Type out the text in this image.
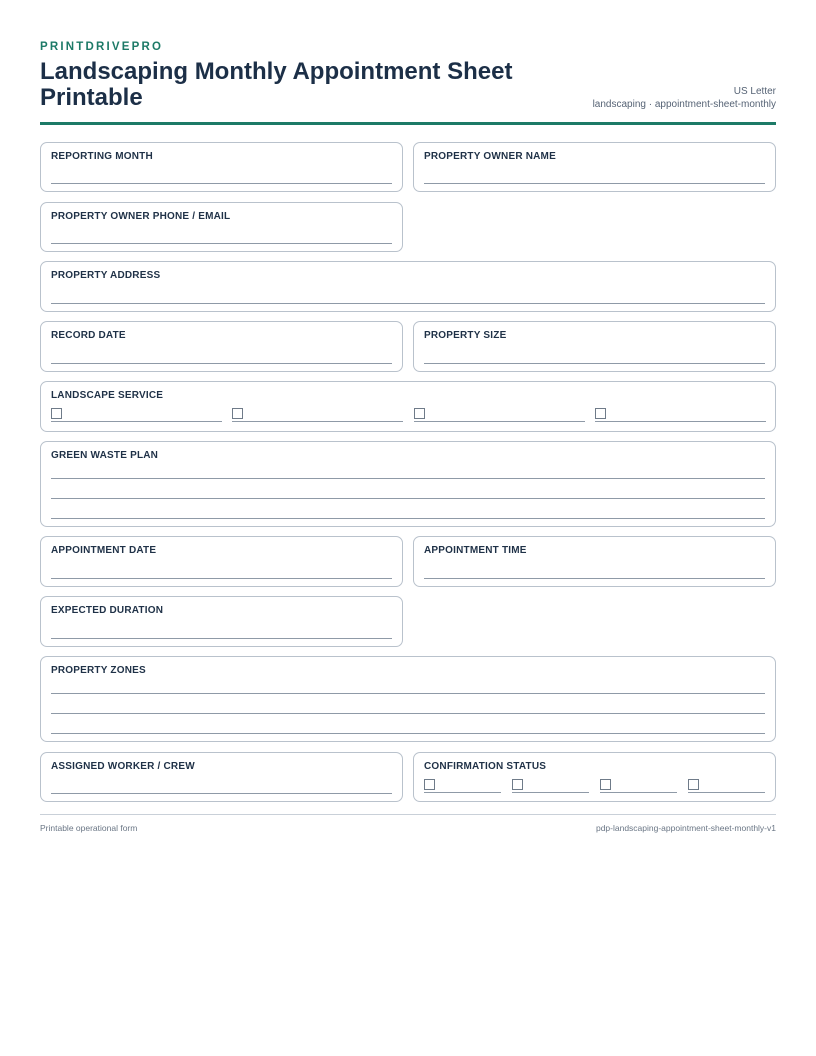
PRINTDRIVEPRO
Landscaping Monthly Appointment Sheet Printable	US Letter
landscaping · appointment-sheet-monthly
REPORTING MONTH	PROPERTY OWNER NAME
PROPERTY OWNER PHONE / EMAIL
PROPERTY ADDRESS
RECORD DATE	PROPERTY SIZE
LANDSCAPE SERVICE
GREEN WASTE PLAN
APPOINTMENT DATE	APPOINTMENT TIME
EXPECTED DURATION
PROPERTY ZONES
ASSIGNED WORKER / CREW	CONFIRMATION STATUS
Printable operational form	pdp-landscaping-appointment-sheet-monthly-v1
